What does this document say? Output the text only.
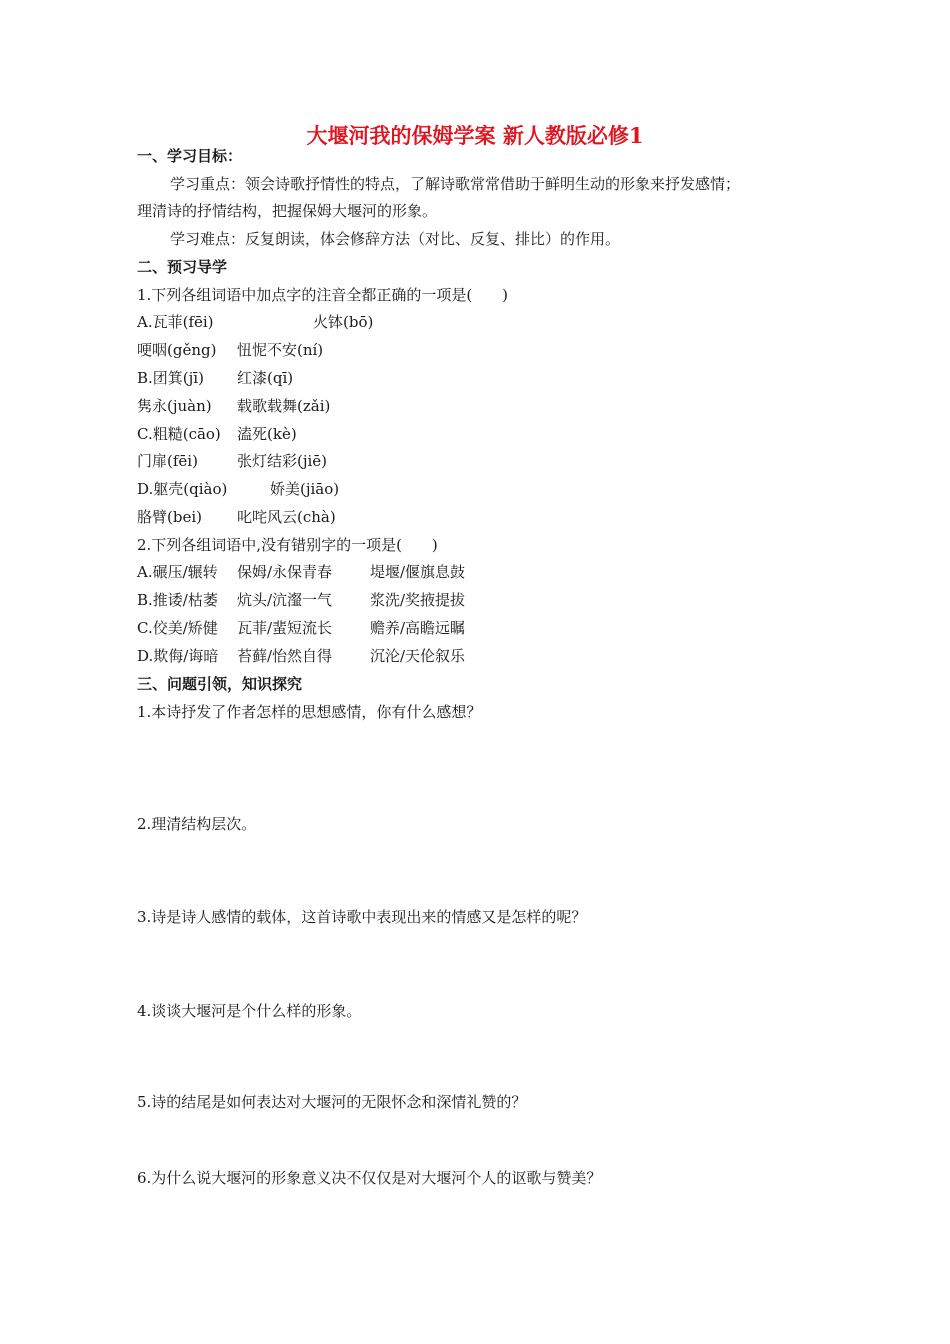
大堰河我的保姆学案 新人教版必修1
一、学习目标：
学习重点：领会诗歌抒情性的特点，了解诗歌常常借助于鲜明生动的形象来抒发感情；
理清诗的抒情结构，把握保姆大堰河的形象。
学习难点：反复朗读，体会修辞方法（对比、反复、排比）的作用。
二、预习导学
1.下列各组词语中加点字的注音全都正确的一项是(　　)
A.瓦菲(fēi)	火钵(bō)
哽咽(gěng) 忸怩不安(ní)
B.团箕(jī) 红漆(qī)
隽永(juàn) 载歌载舞(zǎi)
C.粗糙(cāo) 溘死(kè)
门扉(fēi)	张灯结彩(jiē)
D.躯壳(qiào)	娇美(jiāo)
胳臂(bei) 叱咤风云(chà)
2.下列各组词语中,没有错别字的一项是(　　)
A.碾压/辗转 保姆/永保青春	堤堰/偃旗息鼓
B.推诿/枯萎 炕头/沆瀣一气	浆洗/奖掖提拔
C.佼美/矫健 瓦菲/蜚短流长	赡养/高瞻远瞩
D.欺侮/诲暗 苔藓/怡然自得	沉沦/天伦叙乐
三、问题引领，知识探究
1.本诗抒发了作者怎样的思想感情，你有什么感想？
2.理清结构层次。
3.诗是诗人感情的载体，这首诗歌中表现出来的情感又是怎样的呢？
4.谈谈大堰河是个什么样的形象。
5.诗的结尾是如何表达对大堰河的无限怀念和深情礼赞的？
6.为什么说大堰河的形象意义决不仅仅是对大堰河个人的讴歌与赞美？
